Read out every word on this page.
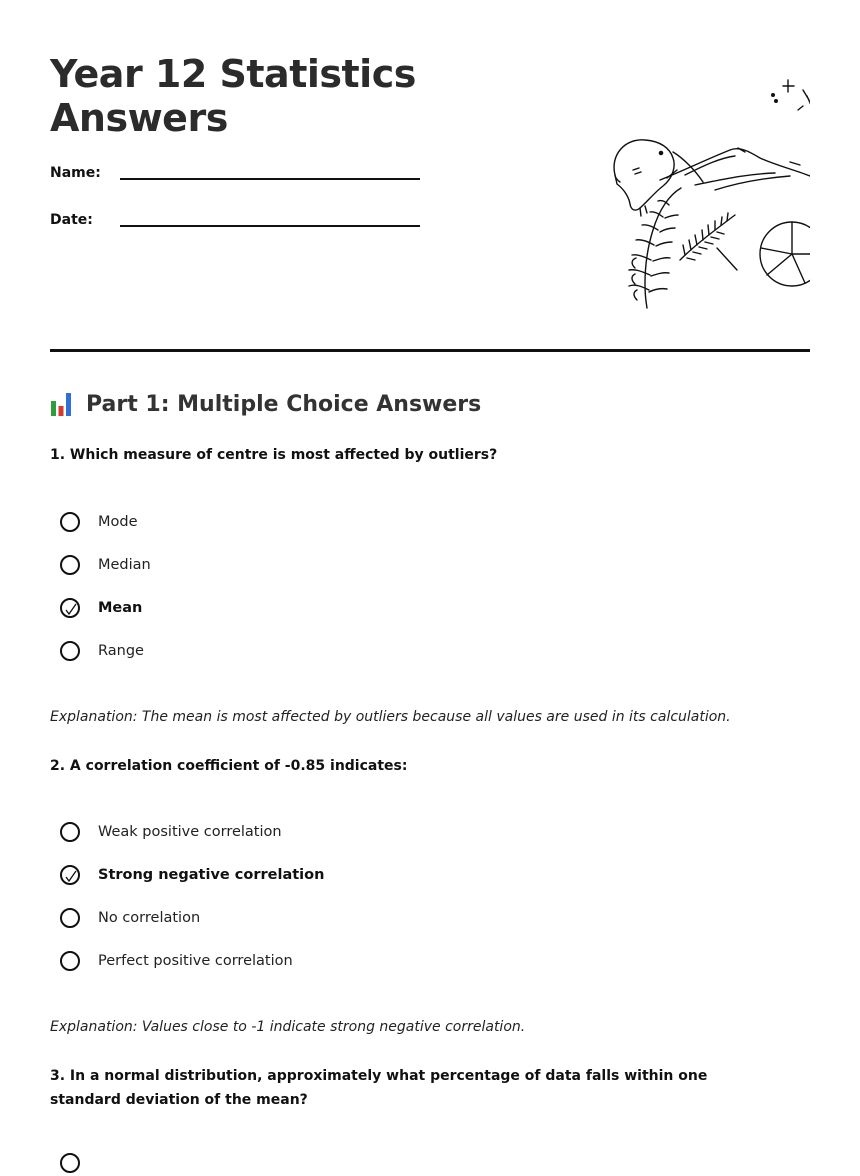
Year 12 Statistics
Answers
Name:
Date:
Part 1: Multiple Choice Answers
1. Which measure of centre is most affected by outliers?
Mode
Median
Mean
Range
Explanation: The mean is most affected by outliers because all values are used in its calculation.
2. A correlation coefficient of -0.85 indicates:
Weak positive correlation
Strong negative correlation
No correlation
Perfect positive correlation
Explanation: Values close to -1 indicate strong negative correlation.
3. In a normal distribution, approximately what percentage of data falls within one standard deviation of the mean?
